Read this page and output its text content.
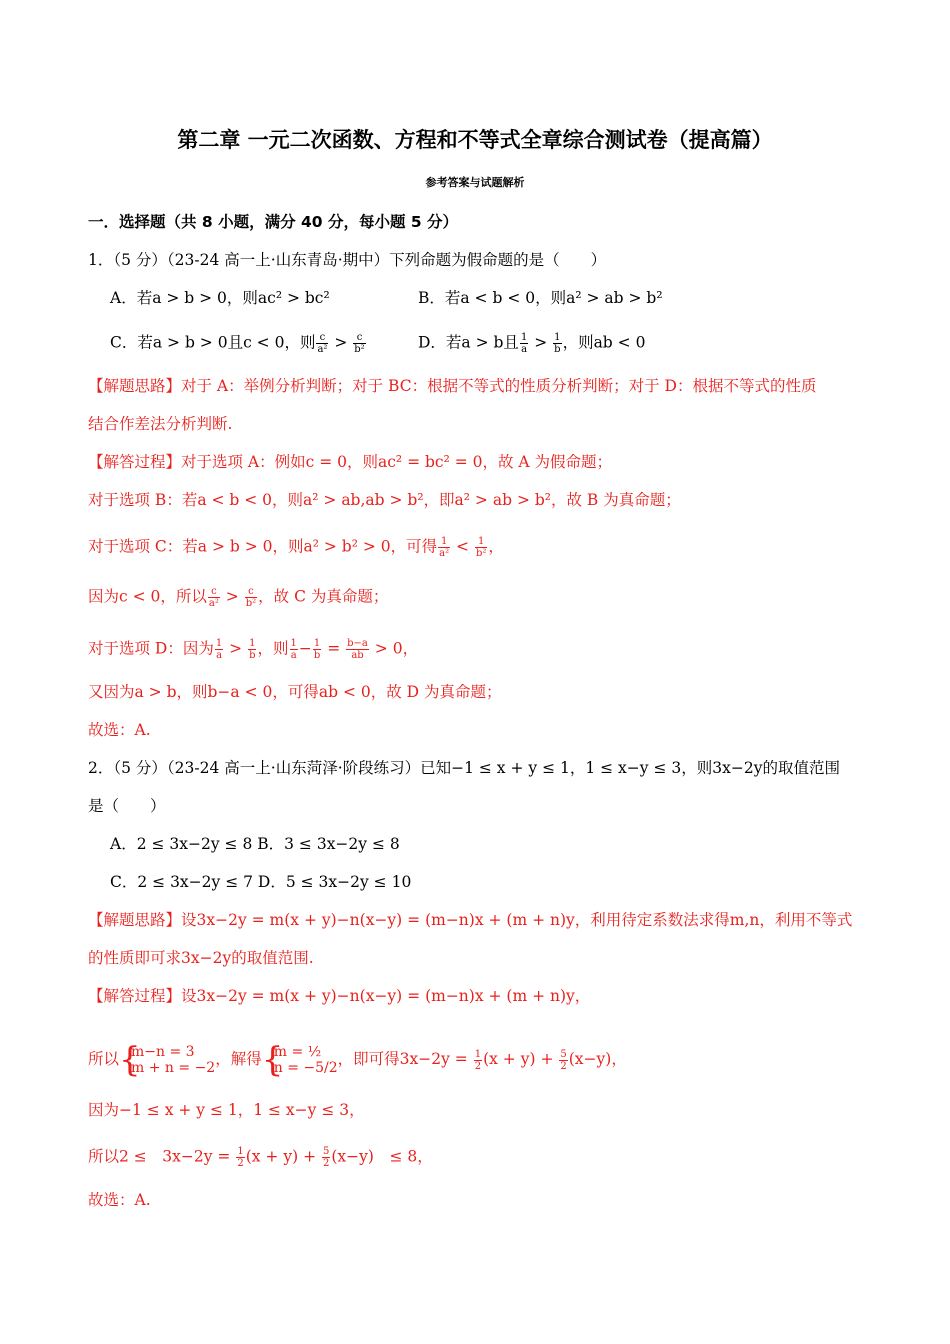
第二章 一元二次函数、方程和不等式全章综合测试卷（提高篇）
参考答案与试题解析
一．选择题（共 8 小题，满分 40 分，每小题 5 分）
1．（5 分）（23-24 高一上·山东青岛·期中）下列命题为假命题的是（　　）
A．若a > b > 0，则ac² > bc²	B．若a < b < 0，则a² > ab > b²
C．若a > b > 0且c < 0，则 $\frac{c}{\text{a²}} > \frac{c}{\text{b²}}$	D．若a > b且 $\frac{1}{a} > \frac{1}{b}$ ，则ab < 0
【解题思路】对于 A：举例分析判断；对于 BC：根据不等式的性质分析判断；对于 D：根据不等式的性质
结合作差法分析判断.
【解答过程】对于选项 A：例如c = 0，则ac² = bc² = 0，故 A 为假命题；
对于选项 B：若a < b < 0，则a² > ab,ab > b²，即a² > ab > b²，故 B 为真命题；
对于选项 C：若a > b > 0，则a² > b² > 0，可得 $\frac{1}{\text{a²}} < \frac{1}{\text{b²}}$ ，
因为c < 0，所以 $\frac{c}{\text{a²}} > \frac{c}{\text{b²}}$ ，故 C 为真命题；
对于选项 D：因为 $\frac{1}{a} > \frac{1}{b}$ ，则 $\frac{1}{a} - \frac{1}{b} = \frac{b-a}{ab} > 0$，
又因为a > b，则b−a < 0，可得ab < 0，故 D 为真命题；
故选：A.
2．（5 分）（23-24 高一上·山东菏泽·阶段练习）已知−1 ≤ x + y ≤ 1，1 ≤ x−y ≤ 3，则3x−2y的取值范围
是（　　）
A．2 ≤ 3x−2y ≤ 8 B．3 ≤ 3x−2y ≤ 8
C．2 ≤ 3x−2y ≤ 7 D．5 ≤ 3x−2y ≤ 10
【解题思路】设3x−2y = m(x + y)−n(x−y) = (m−n)x + (m + n)y，利用待定系数法求得m,n，利用不等式
的性质即可求3x−2y的取值范围.
【解答过程】设3x−2y = m(x + y)−n(x−y) = (m−n)x + (m + n)y，
所以 {
m−n = 3
m + n = −2 ，解得 {
m = ½
n = −5/2 ，即可得$3x-2y = \frac{1}{2} (x + y) + \frac{5}{2} (x-y)$，
因为−1 ≤ x + y ≤ 1，1 ≤ x−y ≤ 3，
所以2 ≤　$3x-2y = \frac{1}{2} (x + y) + \frac{5}{2} (x-y)$　≤ 8，
故选：A.
